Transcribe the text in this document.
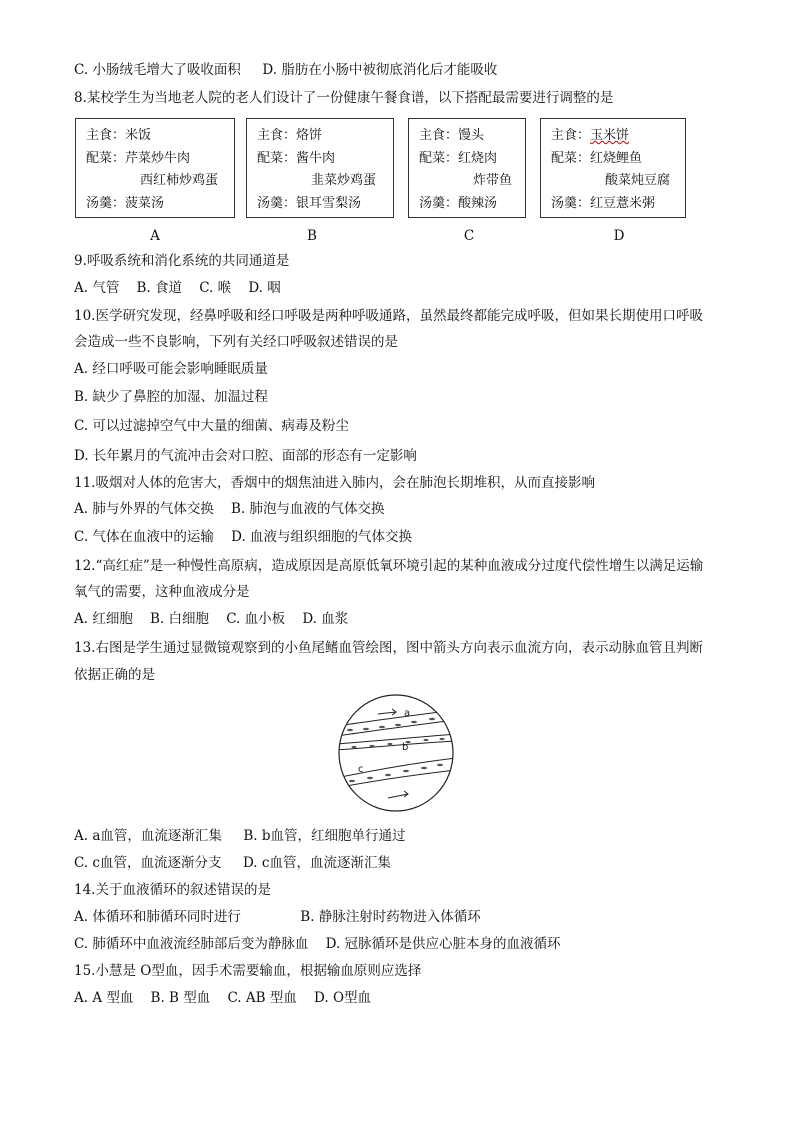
C. 小肠绒毛增大了吸收面积 D. 脂肪在小肠中被彻底消化后才能吸收
8.某校学生为当地老人院的老人们设计了一份健康午餐食谱，以下搭配最需要进行调整的是
主食：米饭
配菜：芹菜炒牛肉
西红柿炒鸡蛋
汤羹：菠菜汤
主食：烙饼
配菜：酱牛肉
韭菜炒鸡蛋
汤羹：银耳雪梨汤
主食：馒头
配菜：红烧肉
炸带鱼
汤羹：酸辣汤
主食：玉米饼
配菜：红烧鲤鱼
酸菜炖豆腐
汤羹：红豆薏米粥
A	B	C	D
9.呼吸系统和消化系统的共同通道是
A. 气管 B. 食道 C. 喉 D. 咽
10.医学研究发现，经鼻呼吸和经口呼吸是两种呼吸通路，虽然最终都能完成呼吸，但如果长期使用口呼吸
会造成一些不良影响，下列有关经口呼吸叙述错误的是
A. 经口呼吸可能会影响睡眠质量
B. 缺少了鼻腔的加湿、加温过程
C. 可以过滤掉空气中大量的细菌、病毒及粉尘
D. 长年累月的气流冲击会对口腔、面部的形态有一定影响
11.吸烟对人体的危害大，香烟中的烟焦油进入肺内，会在肺泡长期堆积，从而直接影响
A. 肺与外界的气体交换 B. 肺泡与血液的气体交换
C. 气体在血液中的运输 D. 血液与组织细胞的气体交换
12.“高红症”是一种慢性高原病，造成原因是高原低氧环境引起的某种血液成分过度代偿性增生以满足运输
氧气的需要，这种血液成分是
A. 红细胞 B. 白细胞 C. 血小板 D. 血浆
13.右图是学生通过显微镜观察到的小鱼尾鳍血管绘图，图中箭头方向表示血流方向，表示动脉血管且判断
依据正确的是
a
b
c
A. a血管，血流逐渐汇集 B. b血管，红细胞单行通过
C. c血管，血流逐渐分支 D. c血管，血流逐渐汇集
14.关于血液循环的叙述错误的是
A. 体循环和肺循环同时进行	B. 静脉注射时药物进入体循环
C. 肺循环中血液流经肺部后变为静脉血 D. 冠脉循环是供应心脏本身的血液循环
15.小慧是 O型血，因手术需要输血，根据输血原则应选择
A. A 型血 B. B 型血 C. AB 型血 D. O型血
